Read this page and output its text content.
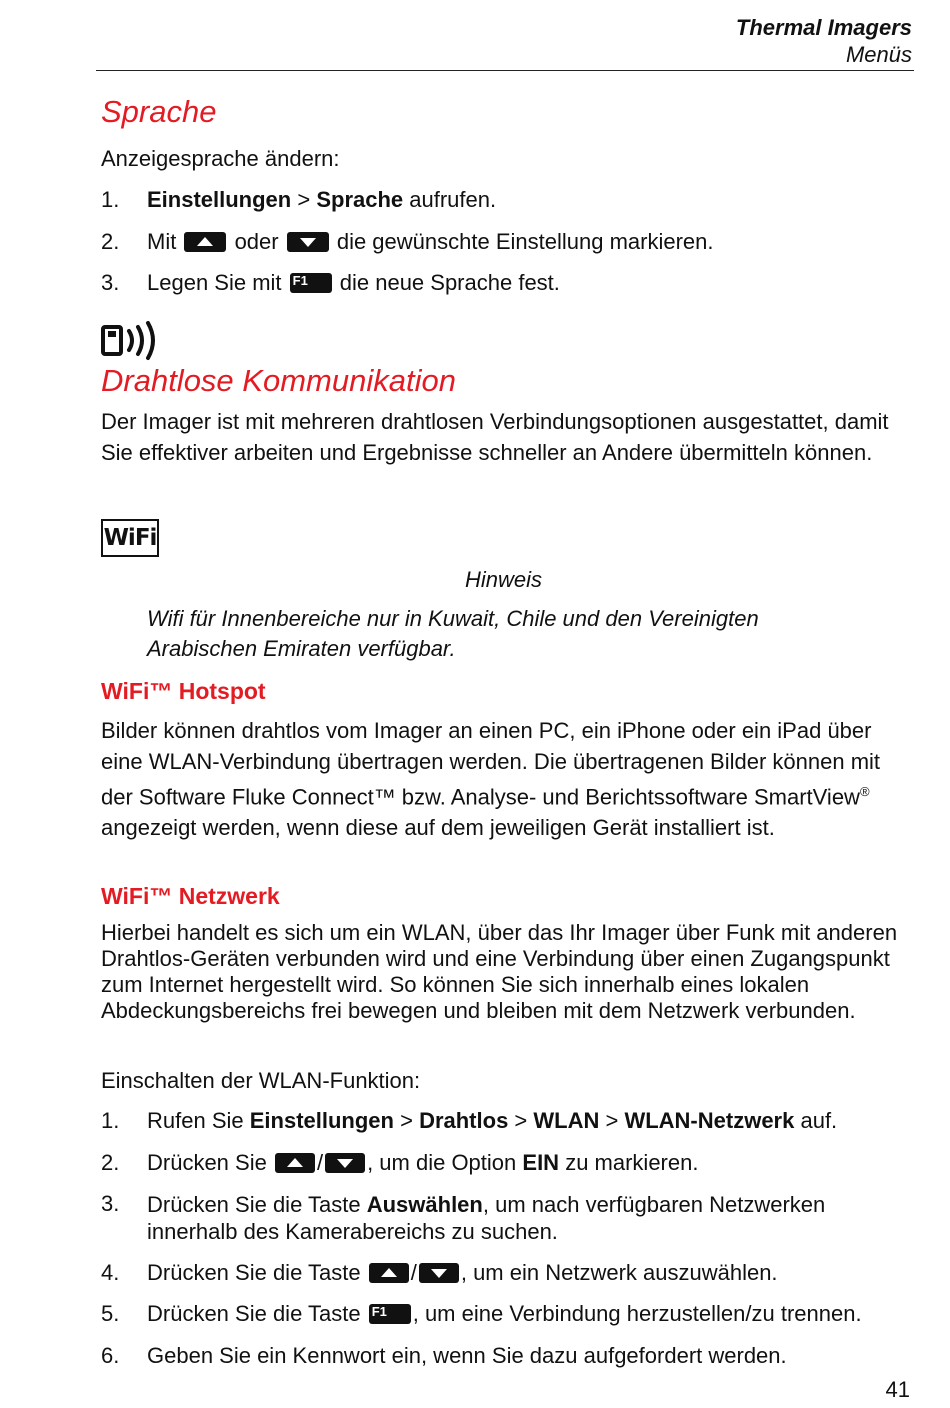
Thermal Imagers
Menüs
Sprache
Anzeigesprache ändern:
1. Einstellungen > Sprache aufrufen.
2. Mit  oder  die gewünschte Einstellung markieren.
3. Legen Sie mit F1 die neue Sprache fest.
Drahtlose Kommunikation
Der Imager ist mit mehreren drahtlosen Verbindungsoptionen ausgestattet, damit Sie effektiver arbeiten und Ergebnisse schneller an Andere übermitteln können.
WiFi
Hinweis
Wifi für Innenbereiche nur in Kuwait, Chile und den Vereinigten Arabischen Emiraten verfügbar.
WiFi™ Hotspot
Bilder können drahtlos vom Imager an einen PC, ein iPhone oder ein iPad über eine WLAN-Verbindung übertragen werden. Die übertragenen Bilder können mit der Software Fluke Connect™ bzw. Analyse- und Berichtssoftware SmartView® angezeigt werden, wenn diese auf dem jeweiligen Gerät installiert ist.
WiFi™ Netzwerk
Hierbei handelt es sich um ein WLAN, über das Ihr Imager über Funk mit anderen Drahtlos-Geräten verbunden wird und eine Verbindung über einen Zugangspunkt zum Internet hergestellt wird. So können Sie sich innerhalb eines lokalen Abdeckungsbereichs frei bewegen und bleiben mit dem Netzwerk verbunden.
Einschalten der WLAN-Funktion:
1. Rufen Sie Einstellungen > Drahtlos > WLAN > WLAN-Netzwerk auf.
2. Drücken Sie / , um die Option EIN zu markieren.
3. Drücken Sie die Taste Auswählen, um nach verfügbaren Netzwerken innerhalb des Kamerabereichs zu suchen.
4. Drücken Sie die Taste / , um ein Netzwerk auszuwählen.
5. Drücken Sie die Taste F1 , um eine Verbindung herzustellen/zu trennen.
6. Geben Sie ein Kennwort ein, wenn Sie dazu aufgefordert werden.
41
